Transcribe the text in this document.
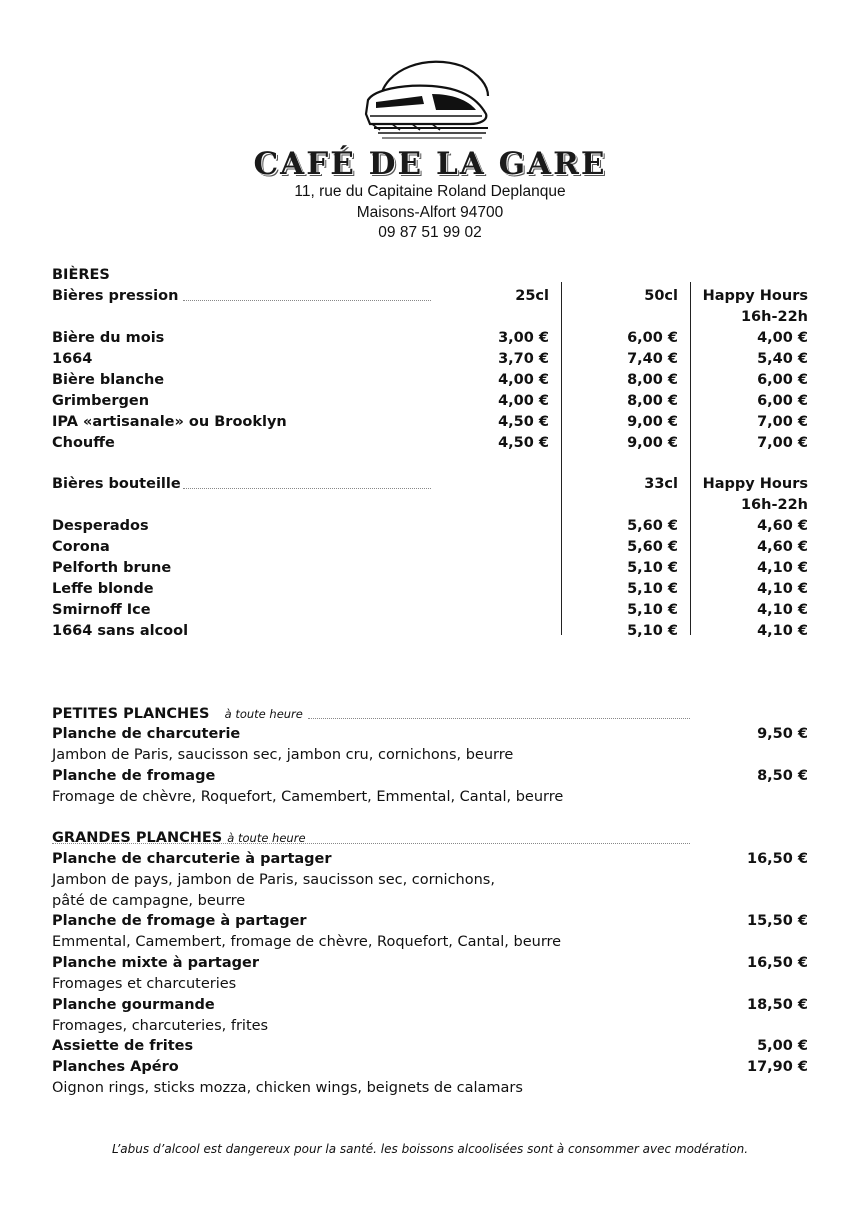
CAFÉ DE LA GARE
11, rue du Capitaine Roland Deplanque
Maisons-Alfort 94700
09 87 51 99 02
BIÈRES
Bières pression	25cl	50cl	Happy Hours
16h-22h
Bière du mois	3,00 €	6,00 €	4,00 €
1664	3,70 €	7,40 €	5,40 €
Bière blanche	4,00 €	8,00 €	6,00 €
Grimbergen	4,00 €	8,00 €	6,00 €
IPA «artisanale» ou Brooklyn	4,50 €	9,00 €	7,00 €
Chouffe	4,50 €	9,00 €	7,00 €
Bières bouteille	33cl	Happy Hours
16h-22h
Desperados	5,60 €	4,60 €
Corona	5,60 €	4,60 €
Pelforth brune	5,10 €	4,10 €
Leffe blonde	5,10 €	4,10 €
Smirnoff Ice	5,10 €	4,10 €
1664 sans alcool	5,10 €	4,10 €
PETITES PLANCHES à toute heure
Planche de charcuterie	9,50 €
Jambon de Paris, saucisson sec, jambon cru, cornichons, beurre
Planche de fromage	8,50 €
Fromage de chèvre, Roquefort, Camembert, Emmental, Cantal, beurre
GRANDES PLANCHES à toute heure
Planche de charcuterie à partager	16,50 €
Jambon de pays, jambon de Paris, saucisson sec, cornichons,
pâté de campagne, beurre
Planche de fromage à partager	15,50 €
Emmental, Camembert, fromage de chèvre, Roquefort, Cantal, beurre
Planche mixte à partager	16,50 €
Fromages et charcuteries
Planche gourmande	18,50 €
Fromages, charcuteries, frites
Assiette de frites	5,00 €
Planches Apéro	17,90 €
Oignon rings, sticks mozza, chicken wings, beignets de calamars
L’abus d’alcool est dangereux pour la santé. les boissons alcoolisées sont à consommer avec modération.
